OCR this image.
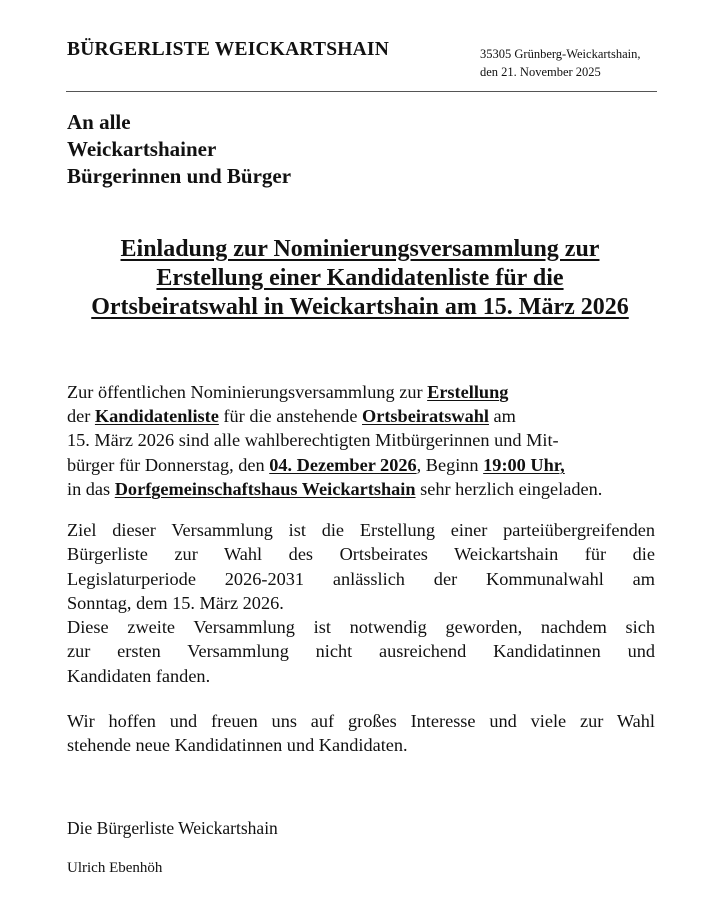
BÜRGERLISTE WEICKARTSHAIN	35305 Grünberg-Weickartshain,
den 21. November 2025
An alle
Weickartshainer
Bürgerinnen und Bürger
Einladung zur Nominierungsversammlung zur
Erstellung einer Kandidatenliste für die
Ortsbeiratswahl in Weickartshain am 15. März 2026
Zur öffentlichen Nominierungsversammlung zur Erstellung
der Kandidatenliste für die anstehende Ortsbeiratswahl am
15. März 2026 sind alle wahlberechtigten Mitbürgerinnen und Mit-
bürger für Donnerstag, den 04. Dezember 2026, Beginn 19:00 Uhr,
in das Dorfgemeinschaftshaus Weickartshain sehr herzlich eingeladen.
Ziel dieser Versammlung ist die Erstellung einer parteiübergreifenden
Bürgerliste zur Wahl des Ortsbeirates Weickartshain für die
Legislaturperiode 2026-2031 anlässlich der Kommunalwahl am
Sonntag, dem 15. März 2026.
Diese zweite Versammlung ist notwendig geworden, nachdem sich
zur ersten Versammlung nicht ausreichend Kandidatinnen und
Kandidaten fanden.
Wir hoffen und freuen uns auf großes Interesse und viele zur Wahl
stehende neue Kandidatinnen und Kandidaten.
Die Bürgerliste Weickartshain
Ulrich Ebenhöh
